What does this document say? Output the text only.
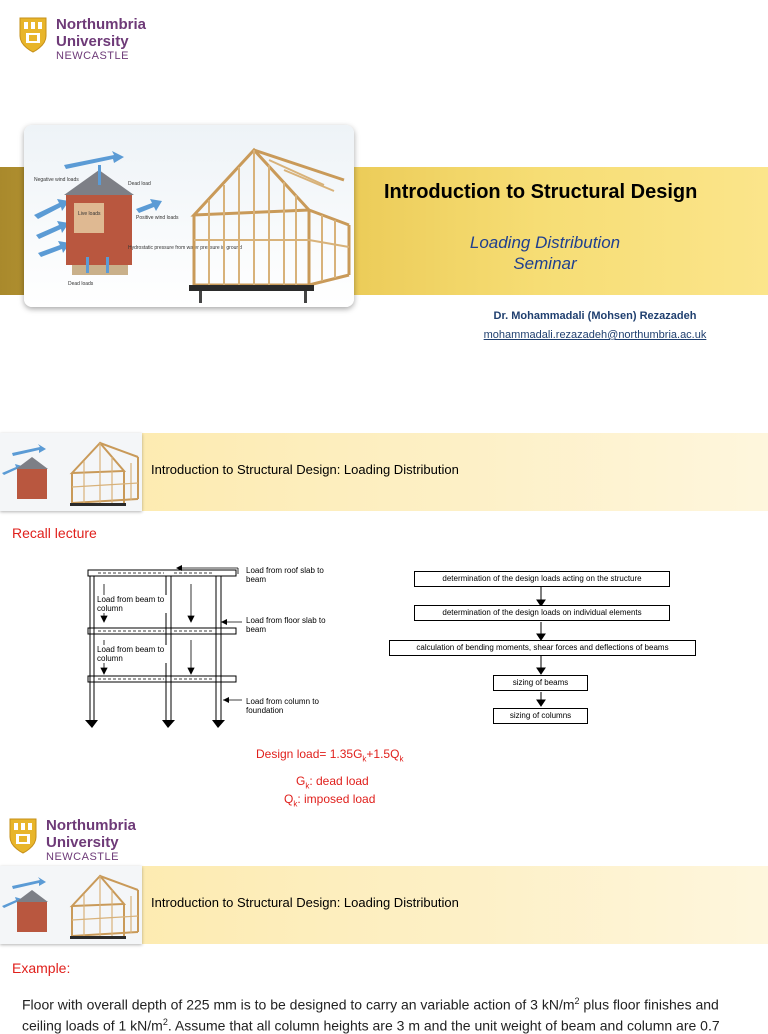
Northumbria
University
NEWCASTLE
Negative wind loads
Dead load
Live loads
Positive wind loads
Hydrostatic pressure from water pressure in ground
Dead loads
Introduction to Structural Design
Loading Distribution
Seminar
Dr. Mohammadali (Mohsen) Rezazadeh
mohammadali.rezazadeh@northumbria.ac.uk
Introduction to Structural Design: Loading Distribution
Recall lecture
Load from roof slab to beam
Load from beam to column
Load from floor slab to beam
Load from beam to column
Load from column to foundation
determination of the design loads acting on the structure
determination of the design loads on individual elements
calculation of bending moments, shear forces and deflections of beams
sizing of beams
sizing of columns
Design load= $1.35G_k+1.5Q_k$
$G_k$: dead load
$Q_k$: imposed load
Northumbria
University
NEWCASTLE
Introduction to Structural Design: Loading Distribution
Example:
Floor with overall depth of 225 mm is to be designed to carry an variable action of 3 $kN/m^2$ plus floor finishes and
ceiling loads of 1 $kN/m^2$. Assume that all column heights are 3 m and the unit weight of beam and column are 0.7
